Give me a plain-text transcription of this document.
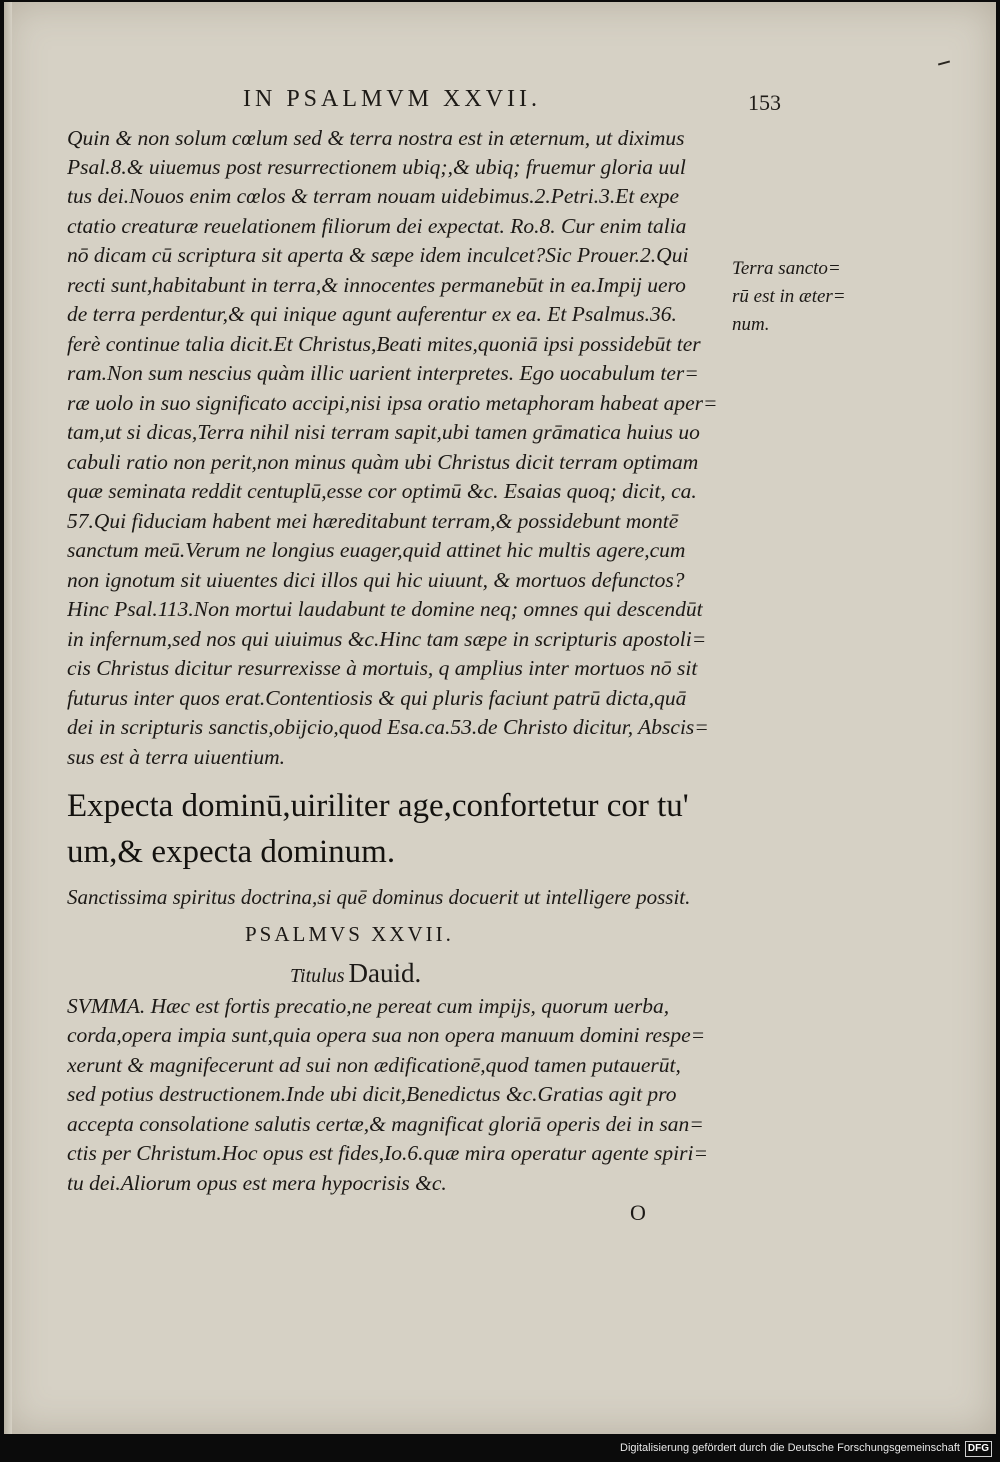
IN PSALMVM XXVII.	153
Quin & non solum cœlum sed & terra nostra est in æternum, ut diximus
Psal.8.& uiuemus post resurrectionem ubiq;,& ubiq; fruemur gloria uul
tus dei.Nouos enim cœlos & terram nouam uidebimus.2.Petri.3.Et expe
ctatio creaturæ reuelationem filiorum dei expectat. Ro.8. Cur enim talia
nō dicam cū scriptura sit aperta & sæpe idem inculcet?Sic Prouer.2.Qui
recti sunt,habitabunt in terra,& innocentes permanebūt in ea.Impij uero
de terra perdentur,& qui inique agunt auferentur ex ea. Et Psalmus.36.
ferè continue talia dicit.Et Christus,Beati mites,quoniā ipsi possidebūt ter
ram.Non sum nescius quàm illic uarient interpretes. Ego uocabulum ter=
ræ uolo in suo significato accipi,nisi ipsa oratio metaphoram habeat aper=
tam,ut si dicas,Terra nihil nisi terram sapit,ubi tamen grāmatica huius uo
cabuli ratio non perit,non minus quàm ubi Christus dicit terram optimam
quæ seminata reddit centuplū,esse cor optimū &c. Esaias quoq; dicit, ca.
57.Qui fiduciam habent mei hæreditabunt terram,& possidebunt montē
sanctum meū.Verum ne longius euager,quid attinet hic multis agere,cum
non ignotum sit uiuentes dici illos qui hic uiuunt, & mortuos defunctos?
Hinc Psal.113.Non mortui laudabunt te domine neq; omnes qui descendūt
in infernum,sed nos qui uiuimus &c.Hinc tam sæpe in scripturis apostoli=
cis Christus dicitur resurrexisse à mortuis, q amplius inter mortuos nō sit
futurus inter quos erat.Contentiosis & qui pluris faciunt patrū dicta,quā
dei in scripturis sanctis,obijcio,quod Esa.ca.53.de Christo dicitur, Abscis=
sus est à terra uiuentium.
Terra sancto=
rū est in æter=
num.
Expecta dominū,uiriliter age,confortetur cor tu'
um,& expecta dominum.
Sanctissima spiritus doctrina,si quē dominus docuerit ut intelligere possit.
PSALMVS XXVII.
Titulus Dauid.
SVMMA. Hæc est fortis precatio,ne pereat cum impijs, quorum uerba,
corda,opera impia sunt,quia opera sua non opera manuum domini respe=
xerunt & magnifecerunt ad sui non ædificationē,quod tamen putauerūt,
sed potius destructionem.Inde ubi dicit,Benedictus &c.Gratias agit pro
accepta consolatione salutis certæ,& magnificat gloriā operis dei in san=
ctis per Christum.Hoc opus est fides,Io.6.quæ mira operatur agente spiri=
tu dei.Aliorum opus est mera hypocrisis &c.
O
Digitalisierung gefördert durch die Deutsche Forschungsgemeinschaft DFG
